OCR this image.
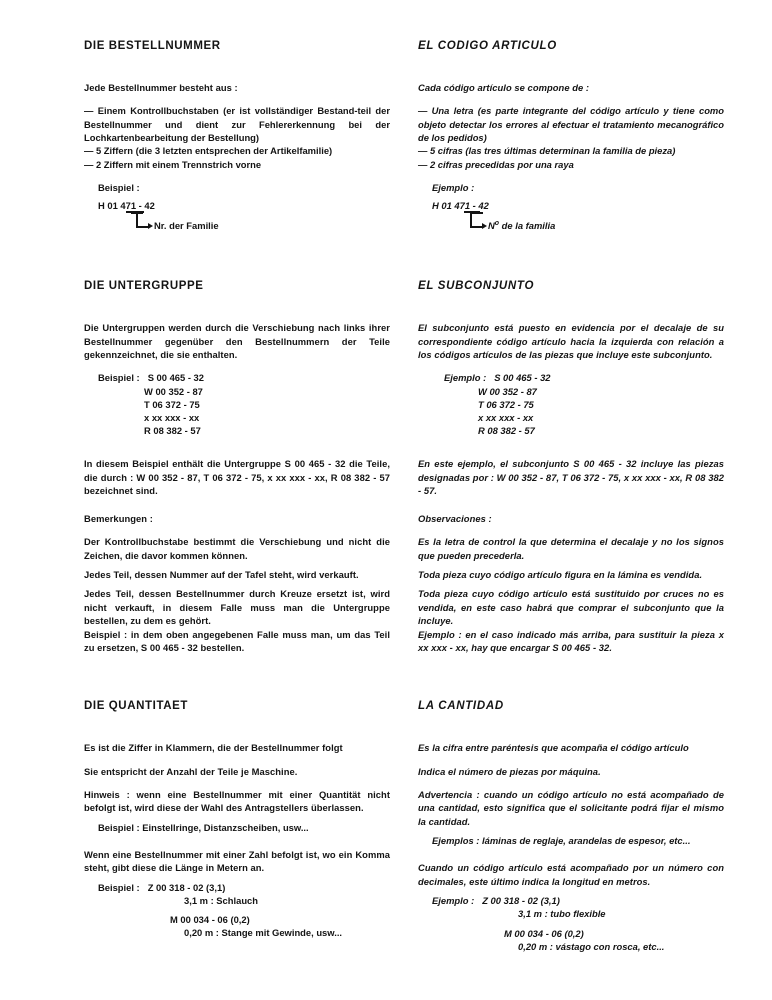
DIE BESTELLNUMMER

Jede Bestellnummer besteht aus :

— Einem Kontrollbuchstaben (er ist vollständiger Bestand-teil der Bestellnummer und dient zur Fehlererkennung bei der Lochkartenbearbeitung der Bestellung)

— 5 Ziffern (die 3 letzten entsprechen der Artikelfamilie)

— 2 Ziffern mit einem Trennstrich vorne

Beispiel :

H 01 471 - 42
Nr. der Familie
DIE UNTERGRUPPE

Die Untergruppen werden durch die Verschiebung nach links ihrer Bestellnummer gegenüber den Bestellnummern der Teile gekennzeichnet, die sie enthalten.

Beispiel : S 00 465 - 32

W 00 352 - 87

T 06 372 - 75

x xx xxx - xx

R 08 382 - 57

In diesem Beispiel enthält die Untergruppe S 00 465 - 32 die Teile, die durch : W 00 352 - 87, T 06 372 - 75, x xx xxx - xx, R 08 382 - 57 bezeichnet sind.

Bemerkungen :

Der Kontrollbuchstabe bestimmt die Verschiebung und nicht die Zeichen, die davor kommen können.

Jedes Teil, dessen Nummer auf der Tafel steht, wird verkauft.

Jedes Teil, dessen Bestellnummer durch Kreuze ersetzt ist, wird nicht verkauft, in diesem Falle muss man die Untergruppe bestellen, zu dem es gehört.

Beispiel : in dem oben angegebenen Falle muss man, um das Teil zu ersetzen, S 00 465 - 32 bestellen.

DIE QUANTITAET

Es ist die Ziffer in Klammern, die der Bestellnummer folgt

Sie entspricht der Anzahl der Teile je Maschine.

Hinweis : wenn eine Bestellnummer mit einer Quantität nicht befolgt ist, wird diese der Wahl des Antragstellers überlassen.

Beispiel : Einstellringe, Distanzscheiben, usw...

Wenn eine Bestellnummer mit einer Zahl befolgt ist, wo ein Komma steht, gibt diese die Länge in Metern an.

Beispiel : Z 00 318 - 02 (3,1)

3,1 m : Schlauch

M 00 034 - 06 (0,2)

0,20 m : Stange mit Gewinde, usw...

EL CODIGO ARTICULO

Cada código artículo se compone de :

— Una letra (es parte integrante del código artículo y tiene como objeto detectar los errores al efectuar el tratamiento mecanográfico de los pedidos)

— 5 cifras (las tres últimas determinan la familia de pieza)

— 2 cifras precedidas por una raya

Ejemplo :

H 01 471 - 42
$N^o$ de la familia
EL SUBCONJUNTO

El subconjunto está puesto en evidencia por el decalaje de su correspondiente código artículo hacia la izquierda con relación a los códigos artículos de las piezas que incluye este subconjunto.

Ejemplo : S 00 465 - 32

W 00 352 - 87

T 06 372 - 75

x xx xxx - xx

R 08 382 - 57

En este ejemplo, el subconjunto S 00 465 - 32 incluye las piezas designadas por : W 00 352 - 87, T 06 372 - 75, x xx xxx - xx, R 08 382 - 57.

Observaciones :

Es la letra de control la que determina el decalaje y no los signos que pueden precederla.

Toda pieza cuyo código artículo figura en la lámina es vendida.

Toda pieza cuyo código artículo está sustituido por cruces no es vendida, en este caso habrá que comprar el subconjunto que la incluye.

Ejemplo : en el caso indicado más arriba, para sustituir la pieza x xx xxx - xx, hay que encargar S 00 465 - 32.

LA CANTIDAD

Es la cifra entre paréntesis que acompaña el código artículo

Indica el número de piezas por máquina.

Advertencia : cuando un código artículo no está acompañado de una cantidad, esto significa que el solicitante podrá fijar el mismo la cantidad.

Ejemplos : láminas de reglaje, arandelas de espesor, etc...

Cuando un código artículo está acompañado por un número con decimales, este último indica la longitud en metros.

Ejemplo : Z 00 318 - 02 (3,1)

3,1 m : tubo flexible

M 00 034 - 06 (0,2)

0,20 m : vástago con rosca, etc...
